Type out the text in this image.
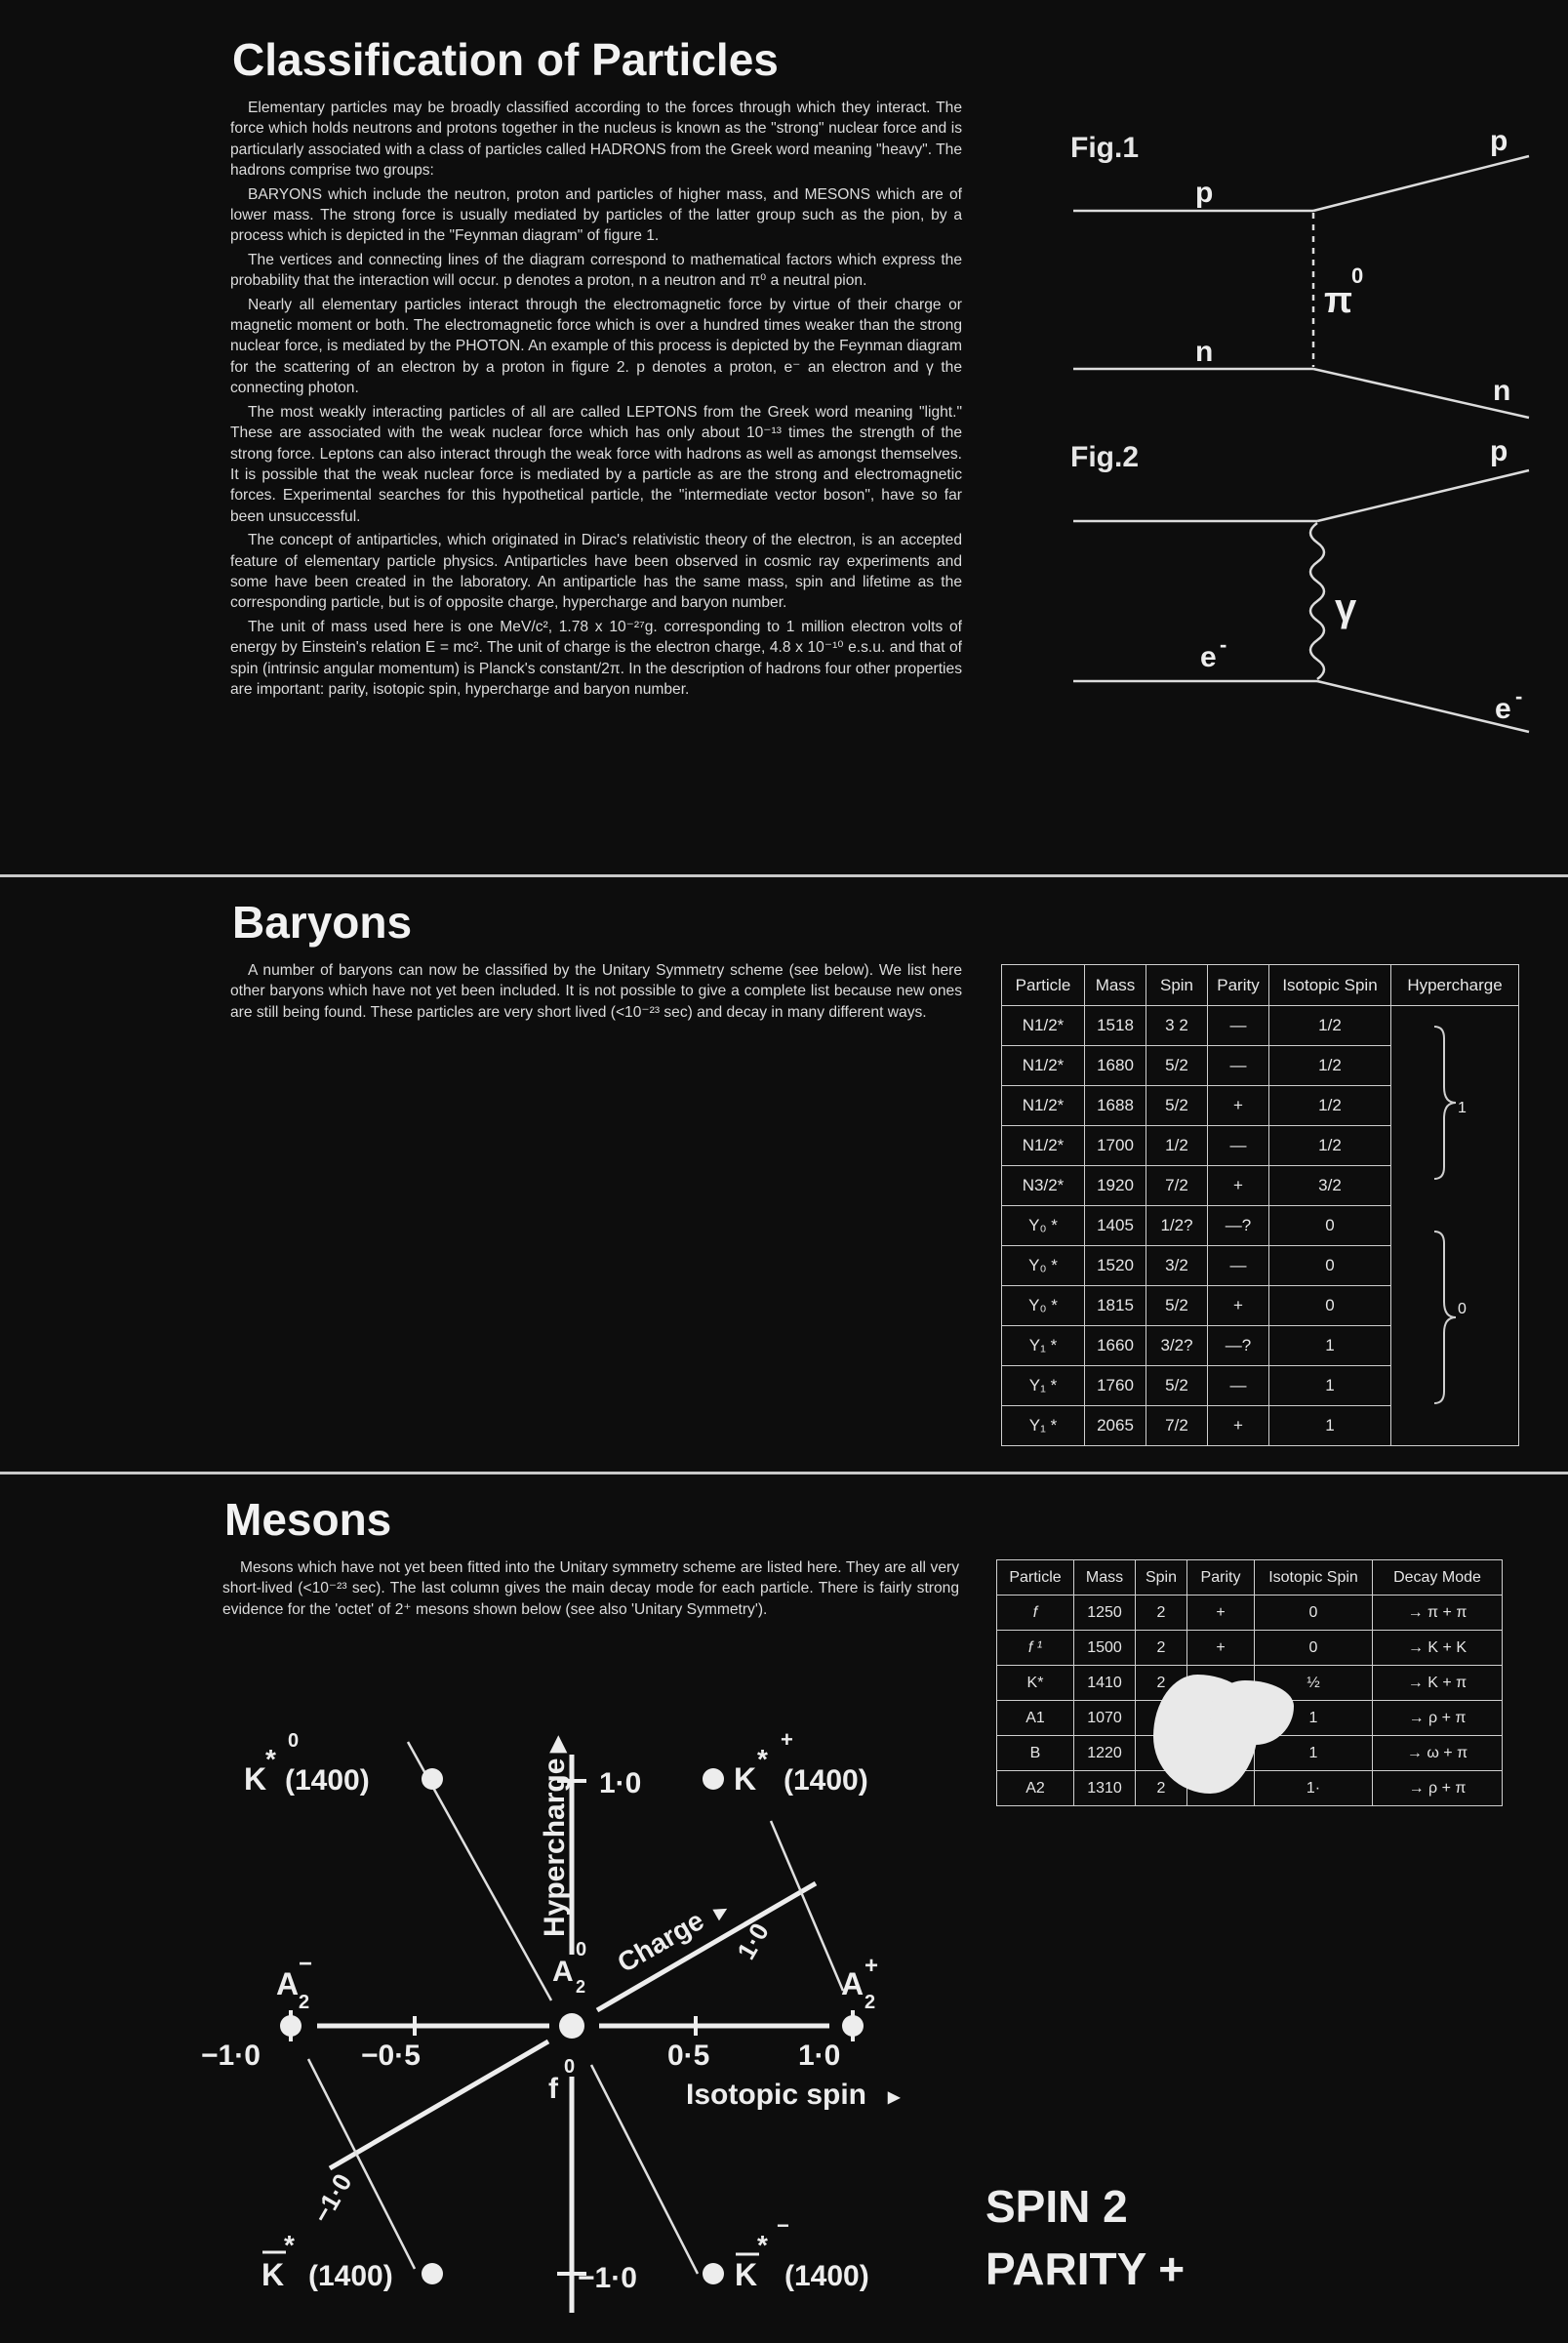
Classification of Particles

Elementary particles may be broadly classified according to the forces through which they interact. The force which holds neutrons and protons together in the nucleus is known as the "strong" nuclear force and is particularly associated with a class of particles called HADRONS from the Greek word meaning "heavy". The hadrons comprise two groups:

BARYONS which include the neutron, proton and particles of higher mass, and MESONS which are of lower mass. The strong force is usually mediated by particles of the latter group such as the pion, by a process which is depicted in the "Feynman diagram" of figure 1.

The vertices and connecting lines of the diagram correspond to mathematical factors which express the probability that the interaction will occur. p denotes a proton, n a neutron and π⁰ a neutral pion.

Nearly all elementary particles interact through the electromagnetic force by virtue of their charge or magnetic moment or both. The electromagnetic force which is over a hundred times weaker than the strong nuclear force, is mediated by the PHOTON. An example of this process is depicted by the Feynman diagram for the scattering of an electron by a proton in figure 2. p denotes a proton, e⁻ an electron and γ the connecting photon.

The most weakly interacting particles of all are called LEPTONS from the Greek word meaning "light." These are associated with the weak nuclear force which has only about 10⁻¹³ times the strength of the strong force. Leptons can also interact through the weak force with hadrons as well as amongst themselves. It is possible that the weak nuclear force is mediated by a particle as are the strong and electromagnetic forces. Experimental searches for this hypothetical particle, the "intermediate vector boson", have so far been unsuccessful.

The concept of antiparticles, which originated in Dirac's relativistic theory of the electron, is an accepted feature of elementary particle physics. Antiparticles have been observed in cosmic ray experiments and some have been created in the laboratory. An antiparticle has the same mass, spin and lifetime as the corresponding particle, but is of opposite charge, hypercharge and baryon number.

The unit of mass used here is one MeV/c², 1.78 x 10⁻²⁷g. corresponding to 1 million electron volts of energy by Einstein's relation E = mc². The unit of charge is the electron charge, 4.8 x 10⁻¹⁰ e.s.u. and that of spin (intrinsic angular momentum) is Planck's constant/2π. In the description of hadrons four other properties are important: parity, isotopic spin, hypercharge and baryon number.

Fig.1
Fig.2
p
p
n
n
π
0
p
e -
e -
γ
Baryons
A number of baryons can now be classified by the Unitary Symmetry scheme (see below). We list here other baryons which have not yet been included. It is not possible to give a complete list because new ones are still being found. These particles are very short lived (<10⁻²³ sec) and decay in many different ways.
Particle	Mass	Spin	Parity	Isotopic Spin	Hypercharge
N1/2*	1518	3 2	—	1/2	
N1/2*	1680	5/2	—	1/2	
N1/2*	1688	5/2	+	1/2	
N1/2*	1700	1/2	—	1/2	
N3/2*	1920	7/2	+	3/2	
Y₀ *	1405	1/2?	—?	0	
Y₀ *	1520	3/2	—	0	
Y₀ *	1815	5/2	+	0	
Y₁ *	1660	3/2?	—?	1	
Y₁ *	1760	5/2	—	1	
Y₁ *	2065	7/2	+	1	
1
0
Mesons
Mesons which have not yet been fitted into the Unitary symmetry scheme are listed here. They are all very short-lived (<10⁻²³ sec). The last column gives the main decay mode for each particle. There is fairly strong evidence for the 'octet' of 2⁺ mesons shown below (see also 'Unitary Symmetry').
Particle	Mass	Spin	Parity	Isotopic Spin	Decay Mode
f	1250	2	+	0	→ π + π
f ¹	1500	2	+	0	→ K + K
K*	1410	2		½	→ K + π
A1	1070			1	→ ρ + π
B	1220			1	→ ω + π
A2	1310	2		1·	→ ρ + π
K
*
0
(1400)	K
*
+
(1400)
A
−
2
A
+
2
A
0
2
f
0
K
*
(1400)	K
*
−
(1400)
Hypercharge
▶
Charge ▶
Isotopic spin ▶
1·0
−1·0
−1·0	−0·5	0·5	1·0
1·0
−1·0	SPIN 2
PARITY +
